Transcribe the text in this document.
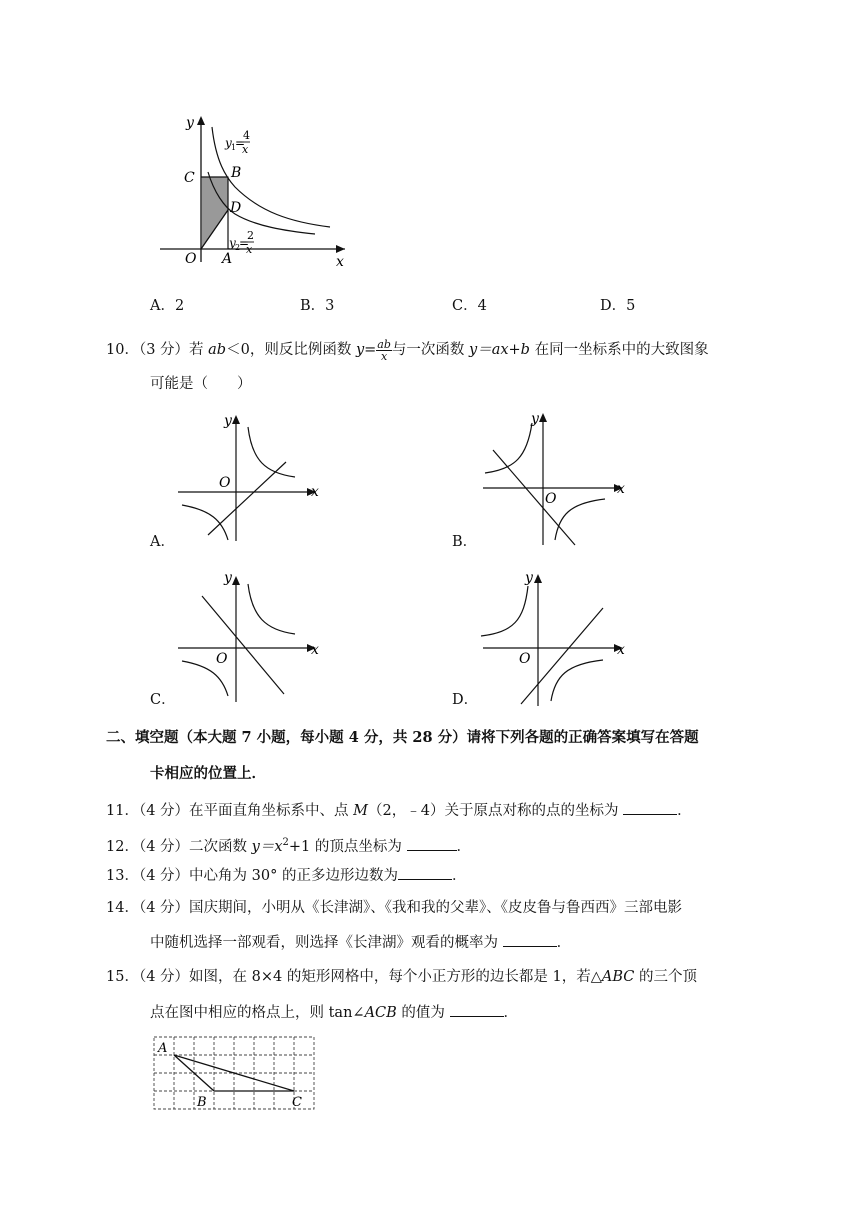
y
x
C	B
D
O A
y 1
=
4
x
y 2
=
2
x
A．2	B．3	C．4	D．5
10．（3 分）若 ab＜0，则反比例函数 $y= \frac{ab}{x}$ 与一次函数 y＝ax+b 在同一坐标系中的大致图象
可能是（　　）
y
x
O
A．
y
x
O
B．
y
x
O
C．
y
x
O
D．
二、填空题（本大题 7 小题，每小题 4 分，共 28 分）请将下列各题的正确答案填写在答题
卡相应的位置上．
11．（4 分）在平面直角坐标系中、点 M（2，﹣4）关于原点对称的点的坐标为	．
12．（4 分）二次函数 $y=x^2+1$ 的顶点坐标为	．
13．（4 分）中心角为 30° 的正多边形边数为	．
14．（4 分）国庆期间，小明从《长津湖》、《我和我的父辈》、《皮皮鲁与鲁西西》三部电影
中随机选择一部观看，则选择《长津湖》观看的概率为	．
15．（4 分）如图，在 8×4 的矩形网格中，每个小正方形的边长都是 1，若△ABC 的三个顶
点在图中相应的格点上，则 tan∠ACB 的值为	．
A
B	C
